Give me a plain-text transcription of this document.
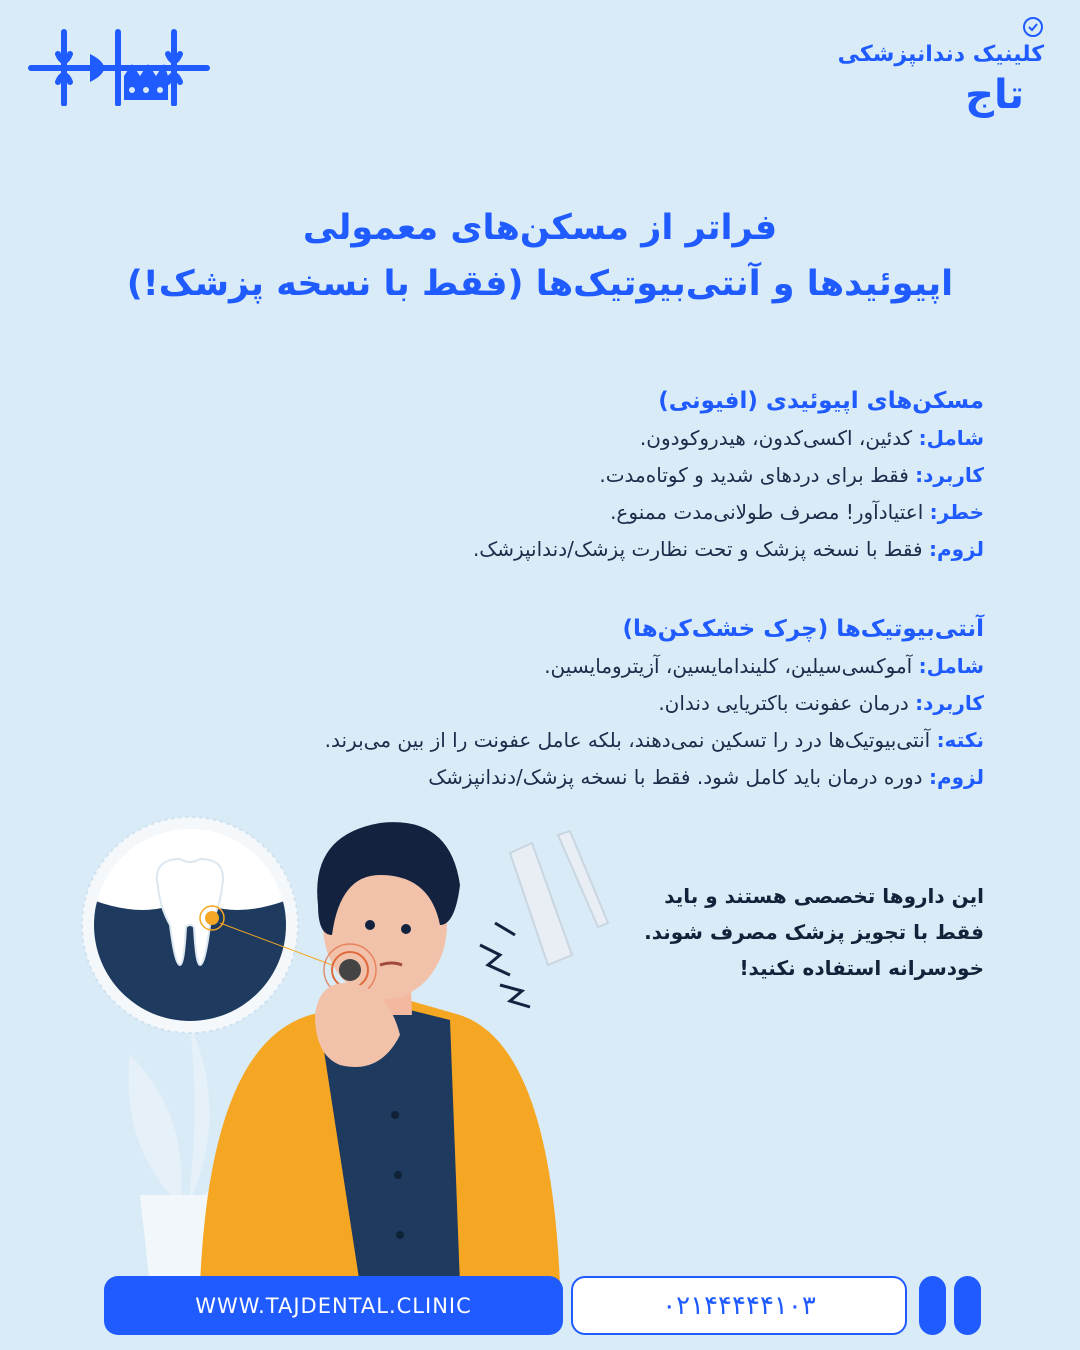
کلینیک دندانپزشکی
تاج
فراتر از مسکن‌های معمولی
اپیوئیدها و آنتی‌بیوتیک‌ها (فقط با نسخه پزشک!)
مسکن‌های اپیوئیدی (افیونی)
شامل: کدئین، اکسی‌کدون، هیدروکودون.
کاربرد: فقط برای دردهای شدید و کوتاه‌مدت.
خطر: اعتیادآور! مصرف طولانی‌مدت ممنوع.
لزوم: فقط با نسخه پزشک و تحت نظارت پزشک/دندانپزشک.
آنتی‌بیوتیک‌ها (چرک خشک‌کن‌ها)
شامل: آموکسی‌سیلین، کلیندامایسین، آزیترومایسین.
کاربرد: درمان عفونت باکتریایی دندان.
نکته: آنتی‌بیوتیک‌ها درد را تسکین نمی‌دهند، بلکه عامل عفونت را از بین می‌برند.
لزوم: دوره درمان باید کامل شود. فقط با نسخه پزشک/دندانپزشک
این داروها تخصصی هستند و باید
فقط با تجویز پزشک مصرف شوند.
خودسرانه استفاده نکنید!
WWW.TAJDENTAL.CLINIC	۰۲۱۴۴۴۴۴۱۰۳
